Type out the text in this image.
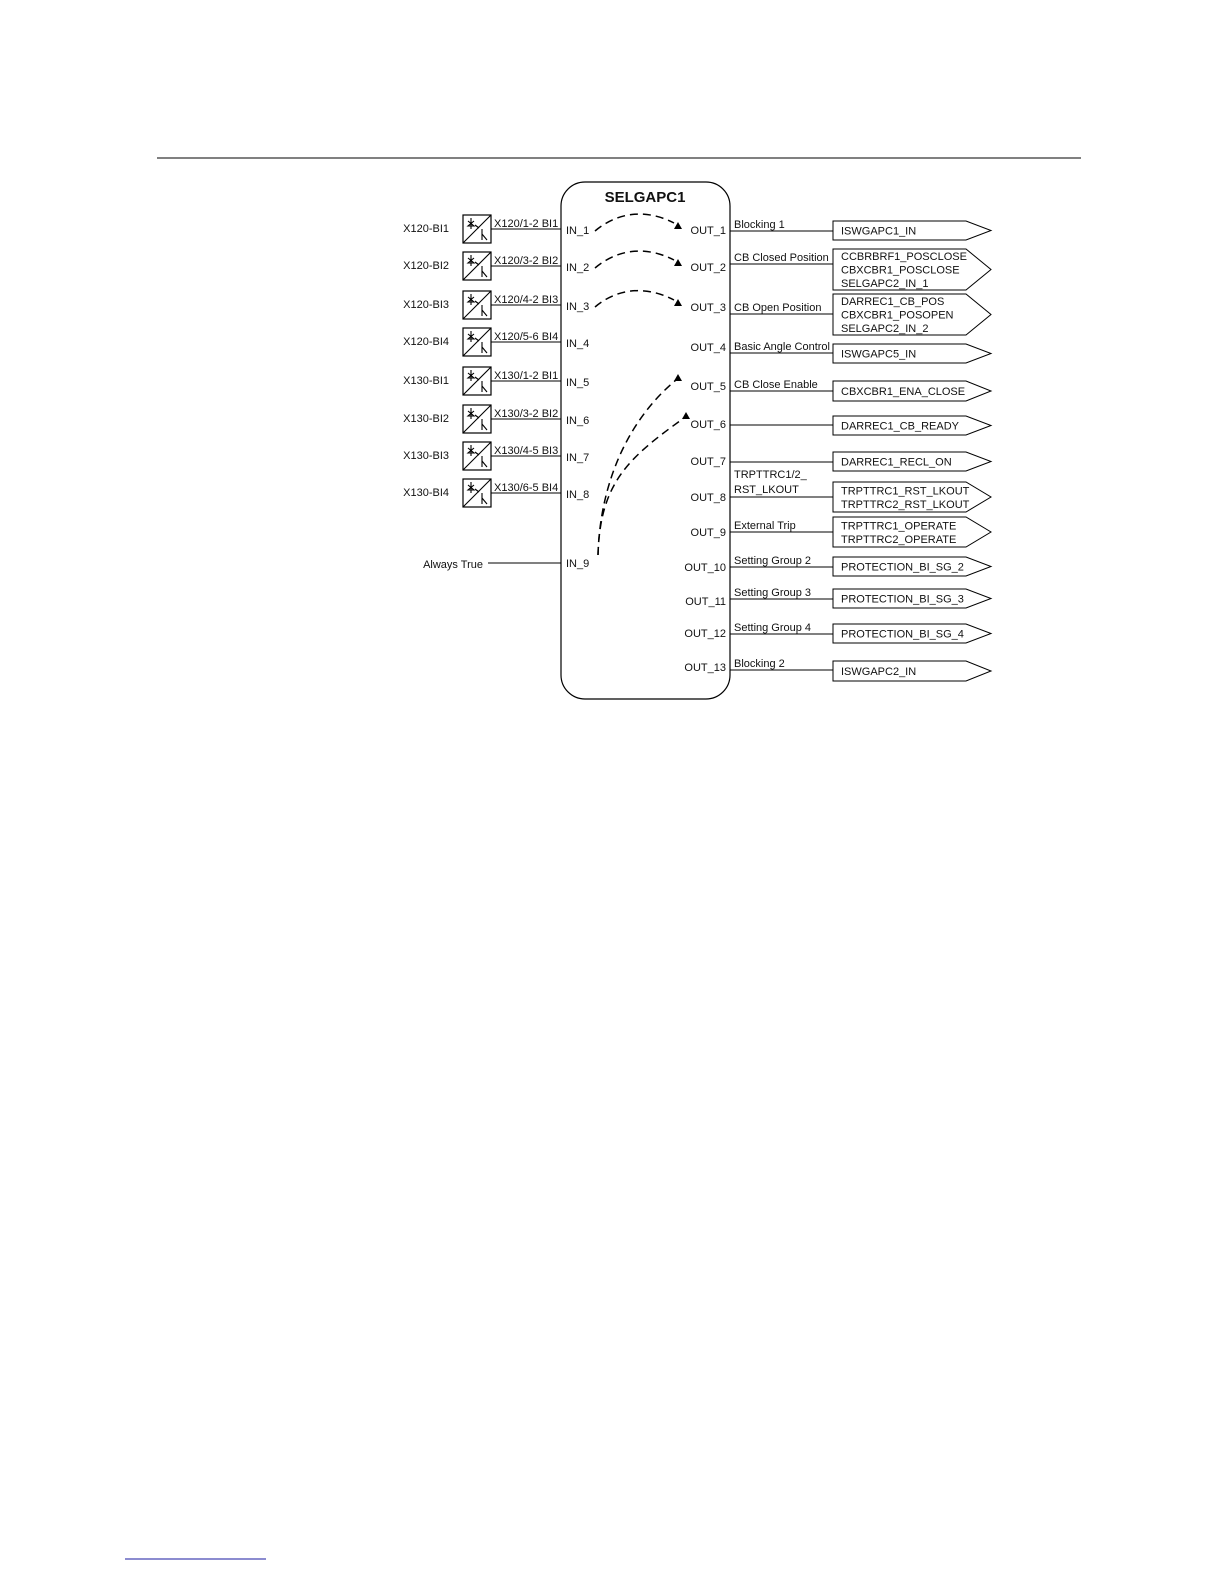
SELGAPC1
X120-BI1	X120/1-2 BI1
IN_1
X120-BI2	X120/3-2 BI2
IN_2
X120-BI3	X120/4-2 BI3
IN_3
X120-BI4	X120/5-6 BI4
IN_4
X130-BI1	X130/1-2 BI1
IN_5
X130-BI2	X130/3-2 BI2
IN_6
X130-BI3	X130/4-5 BI3
IN_7
X130-BI4	X130/6-5 BI4
IN_8
Always True	IN_9
OUT_1 Blocking 1
ISWGAPC1_IN
OUT_2
CB Closed Position CCBRBRF1_POSCLOSE
CBXCBR1_POSCLOSE
SELGAPC2_IN_1
OUT_3 CB Open Position DARREC1_CB_POS
CBXCBR1_POSOPEN
SELGAPC2_IN_2
OUT_4 Basic Angle Control
ISWGAPC5_IN
OUT_5 CB Close Enable
CBXCBR1_ENA_CLOSE
OUT_6	DARREC1_CB_READY
OUT_7	DARREC1_RECL_ON
OUT_8
TRPTTRC1/2_
RST_LKOUT	TRPTTRC1_RST_LKOUT
TRPTTRC2_RST_LKOUT
OUT_9
External Trip	TRPTTRC1_OPERATE
TRPTTRC2_OPERATE
OUT_10
Setting Group 2
PROTECTION_BI_SG_2
OUT_11
Setting Group 3
PROTECTION_BI_SG_3
OUT_12 Setting Group 4
PROTECTION_BI_SG_4
OUT_13 Blocking 2
ISWGAPC2_IN
